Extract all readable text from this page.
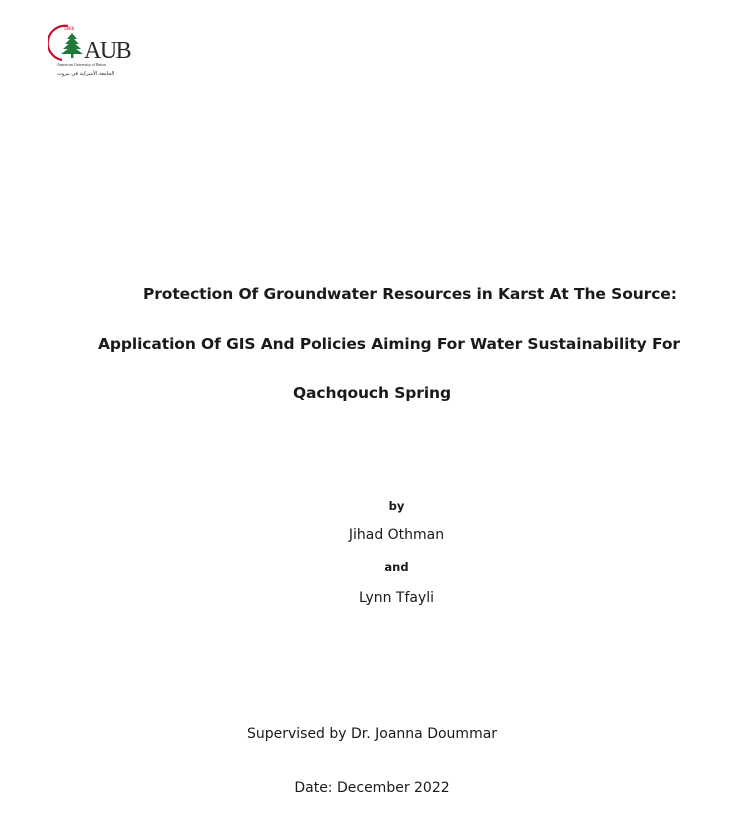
1866
AUB
American University of Beirut
الجامعة الأميركية في بيروت
Protection Of Groundwater Resources in Karst At The Source:
Application Of GIS And Policies Aiming For Water Sustainability For
Qachqouch Spring
by
Jihad Othman
and
Lynn Tfayli
Supervised by Dr. Joanna Doummar
Date: December 2022
